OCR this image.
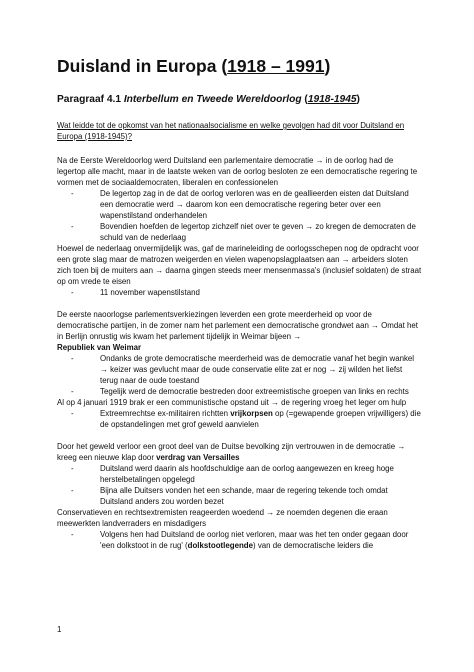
Duisland in Europa (1918 – 1991)
Paragraaf 4.1 Interbellum en Tweede Wereldoorlog (1918-1945)
Wat leidde tot de opkomst van het nationaalsocialisme en welke gevolgen had dit voor Duitsland en Europa (1918-1945)?

Na de Eerste Wereldoorlog werd Duitsland een parlementaire democratie → in de oorlog had de legertop alle macht, maar in de laatste weken van de oorlog besloten ze een democratische regering te vormen met de sociaaldemocraten, liberalen en confessionelen

-	De legertop zag in de dat de oorlog verloren was en de geallieerden eisten dat Duitsland een democratie werd → daarom kon een democratische regering beter over een wapenstilstand onderhandelen
-	Bovendien hoefden de legertop zichzelf niet over te geven → zo kregen de democraten de schuld van de nederlaag

Hoewel de nederlaag onvermijdelijk was, gaf de marineleiding de oorlogsschepen nog de opdracht voor een grote slag maar de matrozen weigerden en vielen wapenopslagplaatsen aan → arbeiders sloten zich toen bij de muiters aan → daarna gingen steeds meer mensenmassa's (inclusief soldaten) de straat op om vrede te eisen

-	11 november wapenstilstand

De eerste naoorlogse parlementsverkiezingen leverden een grote meerderheid op voor de democratische partijen, in de zomer nam het parlement een democratische grondwet aan → Omdat het in Berlijn onrustig wis kwam het parlement tijdelijk in Weimar bijeen →
Republiek van Weimar

-	Ondanks de grote democratische meerderheid was de democratie vanaf het begin wankel → keizer was gevlucht maar de oude conservatie elite zat er nog → zij wilden het liefst terug naar de oude toestand
-	Tegelijk werd de democratie bestreden door extreemistische groepen van links en rechts

Al op 4 januari 1919 brak er een communistische opstand uit → de regering vroeg het leger om hulp

-	Extreemrechtse ex-militairen richtten vrijkorpsen op (=gewapende groepen vrijwilligers) die de opstandelingen met grof geweld aanvielen

Door het geweld verloor een groot deel van de Duitse bevolking zijn vertrouwen in de democratie → kreeg een nieuwe klap door verdrag van Versailles

-	Duitsland werd daarin als hoofdschuldige aan de oorlog aangewezen en kreeg hoge herstelbetalingen opgelegd
-	Bijna alle Duitsers vonden het een schande, maar de regering tekende toch omdat Duitsland anders zou worden bezet

Conservatieven en rechtsextremisten reageerden woedend → ze noemden degenen die eraan meewerkten landverraders en misdadigers

-	Volgens hen had Duitsland de oorlog niet verloren, maar was het ten onder gegaan door 'een dolkstoot in de rug' (dolkstootlegende) van de democratische leiders die
1
